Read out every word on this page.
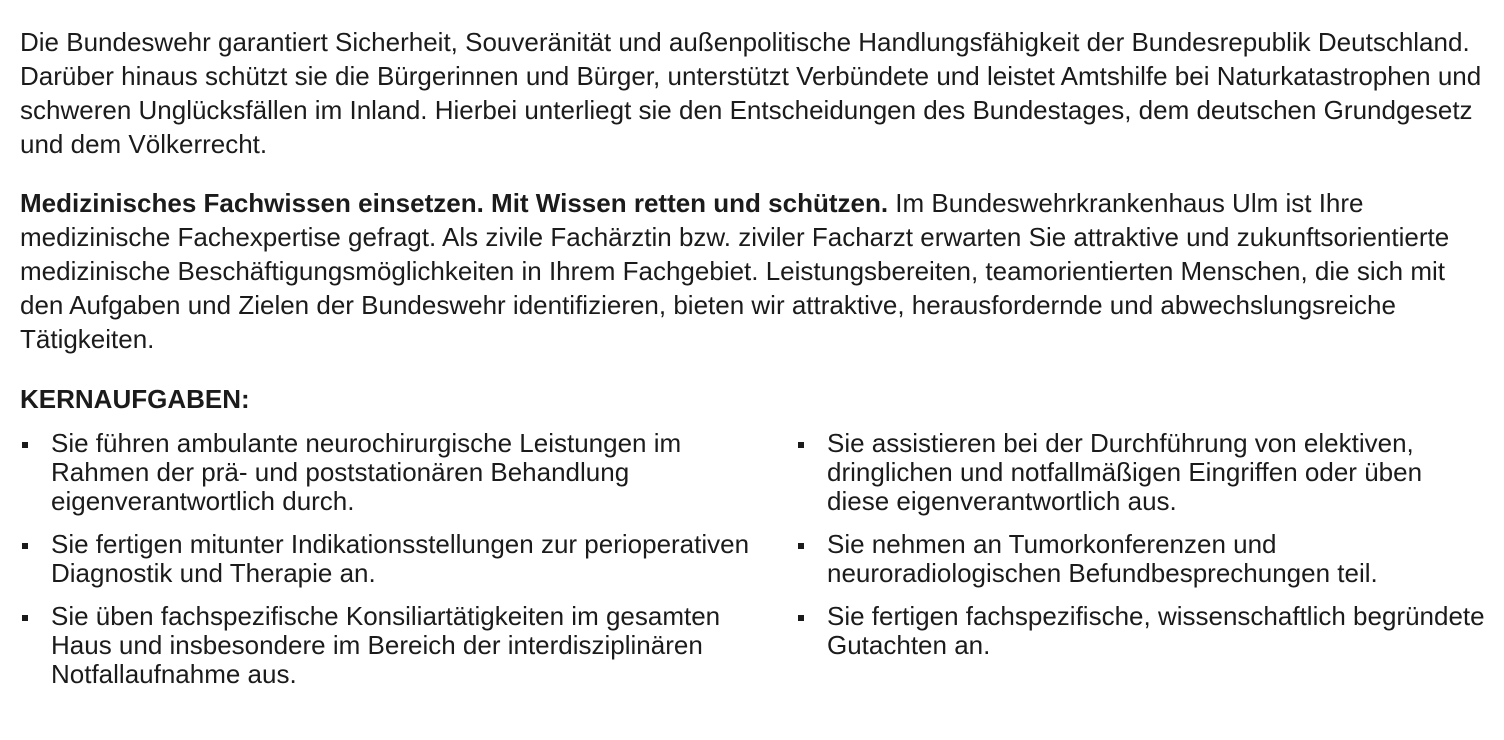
Die Bundeswehr garantiert Sicherheit, Souveränität und außenpolitische Handlungsfähigkeit der Bundesrepublik Deutschland. Darüber hinaus schützt sie die Bürgerinnen und Bürger, unterstützt Verbündete und leistet Amtshilfe bei Naturkatastrophen und schweren Unglücksfällen im Inland. Hierbei unterliegt sie den Entscheidungen des Bundestages, dem deutschen Grundgesetz und dem Völkerrecht.

Medizinisches Fachwissen einsetzen. Mit Wissen retten und schützen. Im Bundeswehrkrankenhaus Ulm ist Ihre medizinische Fachexpertise gefragt. Als zivile Fachärztin bzw. ziviler Facharzt erwarten Sie attraktive und zukunftsorientierte medizinische Beschäftigungsmöglichkeiten in Ihrem Fachgebiet. Leistungsbereiten, teamorientierten Menschen, die sich mit den Aufgaben und Zielen der Bundeswehr identifizieren, bieten wir attraktive, herausfordernde und abwechslungsreiche Tätigkeiten.

KERNAUFGABEN:
Sie führen ambulante neurochirurgische Leistungen im Rahmen der prä- und poststationären Behandlung eigenverantwortlich durch.
Sie fertigen mitunter Indikationsstellungen zur perioperativen Diagnostik und Therapie an.
Sie üben fachspezifische Konsiliartätigkeiten im gesamten Haus und insbesondere im Bereich der interdisziplinären Notfallaufnahme aus.
Sie assistieren bei der Durchführung von elektiven, dringlichen und notfallmäßigen Eingriffen oder üben diese eigenverantwortlich aus.
Sie nehmen an Tumorkonferenzen und neuroradiologischen Befundbesprechungen teil.
Sie fertigen fachspezifische, wissenschaftlich begründete Gutachten an.
